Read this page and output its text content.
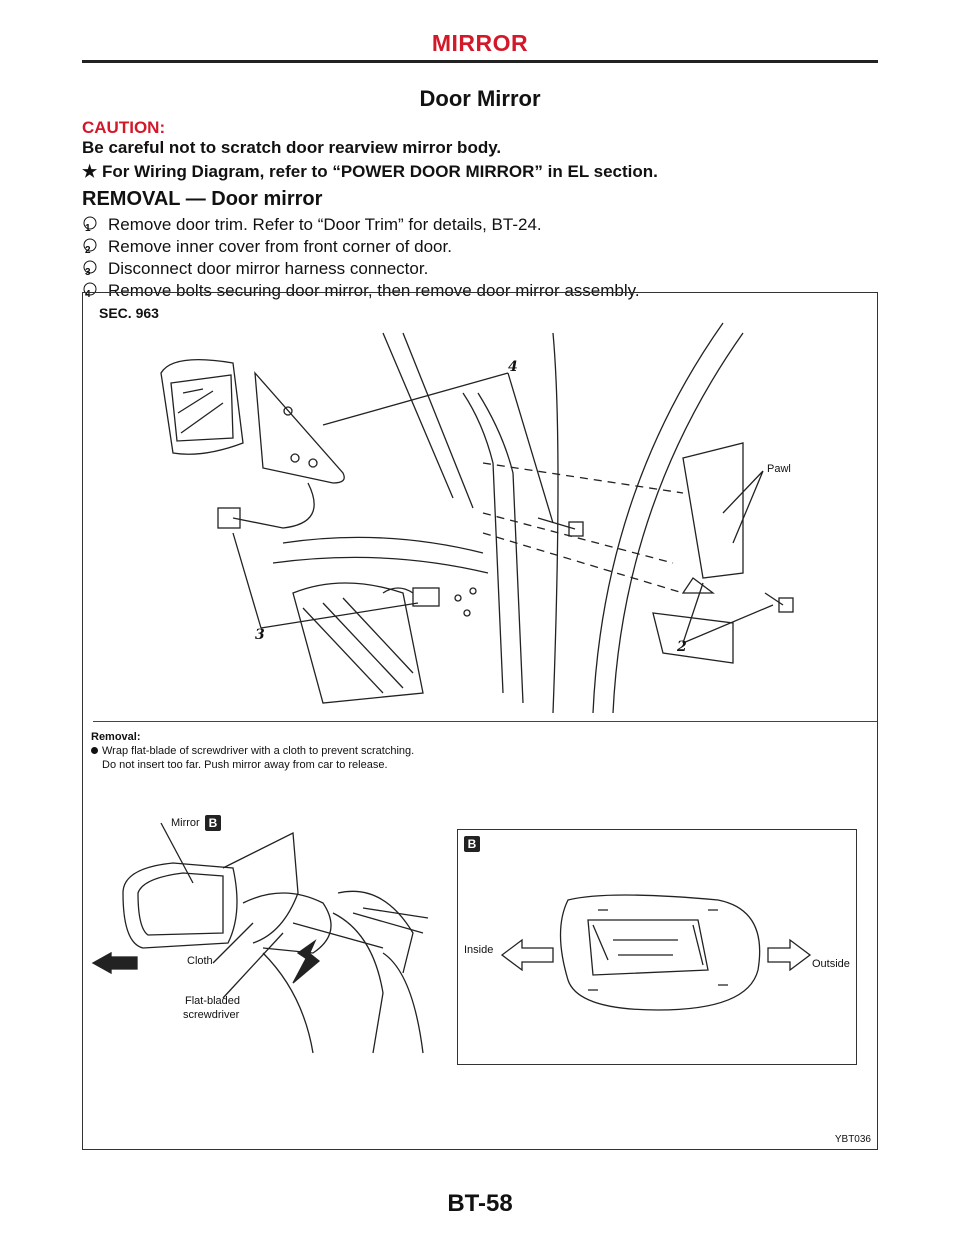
MIRROR
Door Mirror
CAUTION:
Be careful not to scratch door rearview mirror body.
★ For Wiring Diagram, refer to “POWER DOOR MIRROR” in EL section.
REMOVAL — Door mirror
1 Remove door trim. Refer to “Door Trim” for details, BT-24.
2 Remove inner cover from front corner of door.
3 Disconnect door mirror harness connector.
4 Remove bolts securing door mirror, then remove door mirror assembly.
SEC. 963
4
3
2
Pawl
Removal:
Wrap flat-blade of screwdriver with a cloth to prevent scratching.
Do not insert too far. Push mirror away from car to release.
Mirror B
Cloth
Flat-bladed
screwdriver
B
Inside
Outside
YBT036
BT-58
